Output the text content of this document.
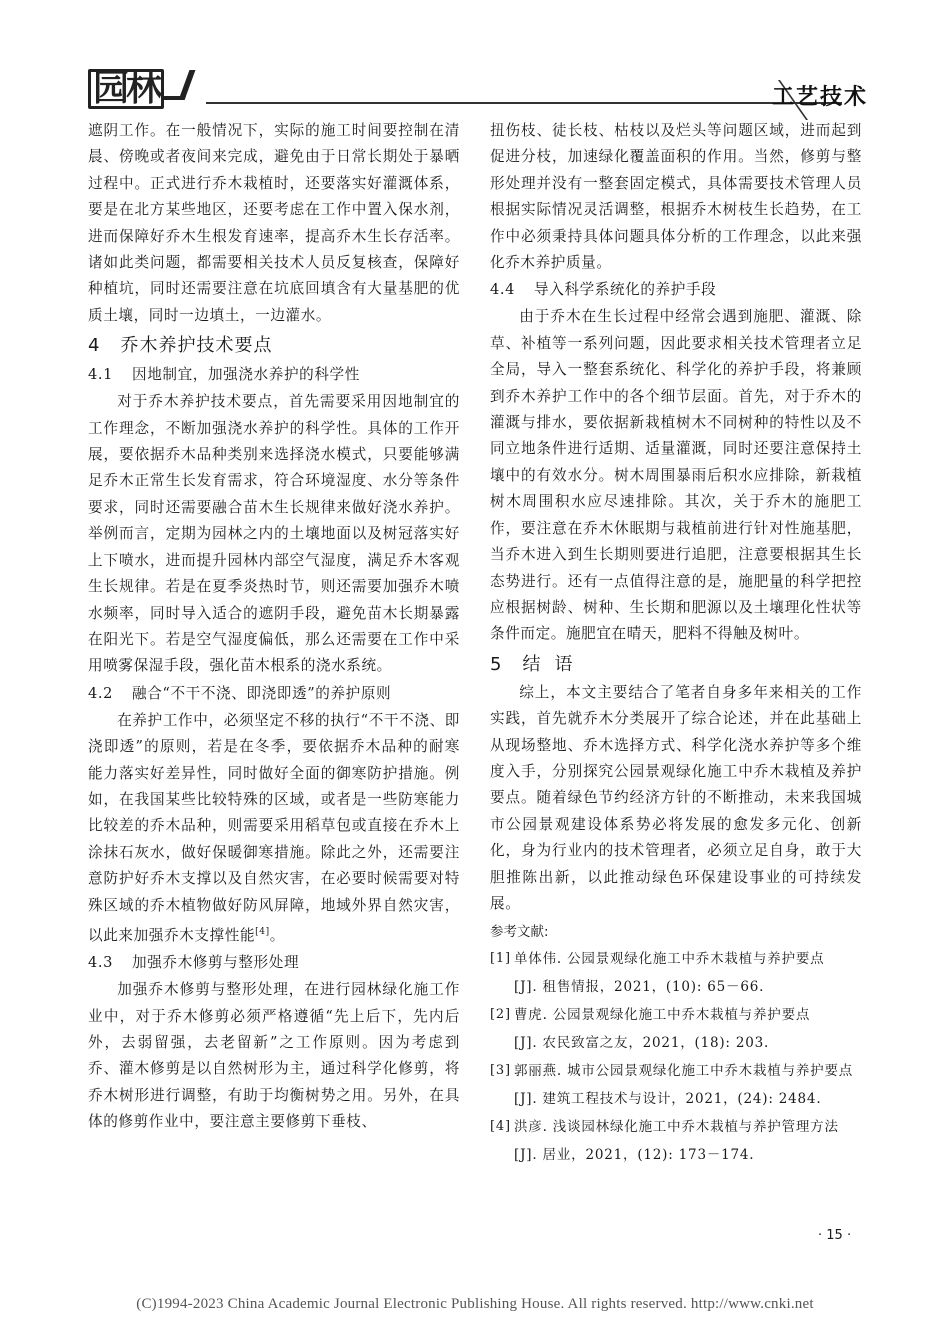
园林	工艺技术

遮阴工作。在一般情况下，实际的施工时间要控制在清晨、傍晚或者夜间来完成，避免由于日常长期处于暴晒过程中。正式进行乔木栽植时，还要落实好灌溉体系，要是在北方某些地区，还要考虑在工作中置入保水剂，进而保障好乔木生根发育速率，提高乔木生长存活率。诸如此类问题，都需要相关技术人员反复核查，保障好种植坑，同时还需要注意在坑底回填含有大量基肥的优质土壤，同时一边填土，一边灌水。

4 乔木养护技术要点
4.1 因地制宜，加强浇水养护的科学性

对于乔木养护技术要点，首先需要采用因地制宜的工作理念，不断加强浇水养护的科学性。具体的工作开展，要依据乔木品种类别来选择浇水模式，只要能够满足乔木正常生长发育需求，符合环境湿度、水分等条件要求，同时还需要融合苗木生长规律来做好浇水养护。举例而言，定期为园林之内的土壤地面以及树冠落实好上下喷水，进而提升园林内部空气湿度，满足乔木客观生长规律。若是在夏季炎热时节，则还需要加强乔木喷水频率，同时导入适合的遮阴手段，避免苗木长期暴露在阳光下。若是空气湿度偏低，那么还需要在工作中采用喷雾保湿手段，强化苗木根系的浇水系统。

4.2 融合“不干不浇、即浇即透”的养护原则

在养护工作中，必须坚定不移的执行“不干不浇、即浇即透”的原则，若是在冬季，要依据乔木品种的耐寒能力落实好差异性，同时做好全面的御寒防护措施。例如，在我国某些比较特殊的区域，或者是一些防寒能力比较差的乔木品种，则需要采用稻草包或直接在乔木上涂抹石灰水，做好保暖御寒措施。除此之外，还需要注意防护好乔木支撑以及自然灾害，在必要时候需要对特殊区域的乔木植物做好防风屏障，地域外界自然灾害，以此来加强乔木支撑性能[4]。

4.3 加强乔木修剪与整形处理

加强乔木修剪与整形处理，在进行园林绿化施工作业中，对于乔木修剪必须严格遵循“先上后下，先内后外，去弱留强，去老留新”之工作原则。因为考虑到乔、灌木修剪是以自然树形为主，通过科学化修剪，将乔木树形进行调整，有助于均衡树势之用。另外，在具体的修剪作业中，要注意主要修剪下垂枝、

扭伤枝、徒长枝、枯枝以及烂头等问题区域，进而起到促进分枝，加速绿化覆盖面积的作用。当然，修剪与整形处理并没有一整套固定模式，具体需要技术管理人员根据实际情况灵活调整，根据乔木树枝生长趋势，在工作中必须秉持具体问题具体分析的工作理念，以此来强化乔木养护质量。

4.4 导入科学系统化的养护手段

由于乔木在生长过程中经常会遇到施肥、灌溉、除草、补植等一系列问题，因此要求相关技术管理者立足全局，导入一整套系统化、科学化的养护手段，将兼顾到乔木养护工作中的各个细节层面。首先，对于乔木的灌溉与排水，要依据新栽植树木不同树种的特性以及不同立地条件进行适期、适量灌溉，同时还要注意保持土壤中的有效水分。树木周围暴雨后积水应排除，新栽植树木周围积水应尽速排除。其次，关于乔木的施肥工作，要注意在乔木休眠期与栽植前进行针对性施基肥，当乔木进入到生长期则要进行追肥，注意要根据其生长态势进行。还有一点值得注意的是，施肥量的科学把控应根据树龄、树种、生长期和肥源以及土壤理化性状等条件而定。施肥宜在晴天，肥料不得触及树叶。

5 结语

综上，本文主要结合了笔者自身多年来相关的工作实践，首先就乔木分类展开了综合论述，并在此基础上从现场整地、乔木选择方式、科学化浇水养护等多个维度入手，分别探究公园景观绿化施工中乔木栽植及养护要点。随着绿色节约经济方针的不断推动，未来我国城市公园景观建设体系势必将发展的愈发多元化、创新化，身为行业内的技术管理者，必须立足自身，敢于大胆推陈出新，以此推动绿色环保建设事业的可持续发展。

参考文献:
[ 1 ] 单体伟. 公园景观绿化施工中乔木栽植与养护要点
[ J ] . 租售情报，2021，(10): 65－66.
[ 2 ] 曹虎. 公园景观绿化施工中乔木栽植与养护要点
[ J ] . 农民致富之友，2021，(18): 203.
[ 3 ] 郭丽燕. 城市公园景观绿化施工中乔木栽植与养护要点
[ J ] . 建筑工程技术与设计，2021，(24): 2484.
[ 4 ] 洪彦. 浅谈园林绿化施工中乔木栽植与养护管理方法
[ J ] . 居业，2021，(12): 173－174.
· 15 ·
(C)1994-2023 China Academic Journal Electronic Publishing House. All rights reserved. http://www.cnki.net
